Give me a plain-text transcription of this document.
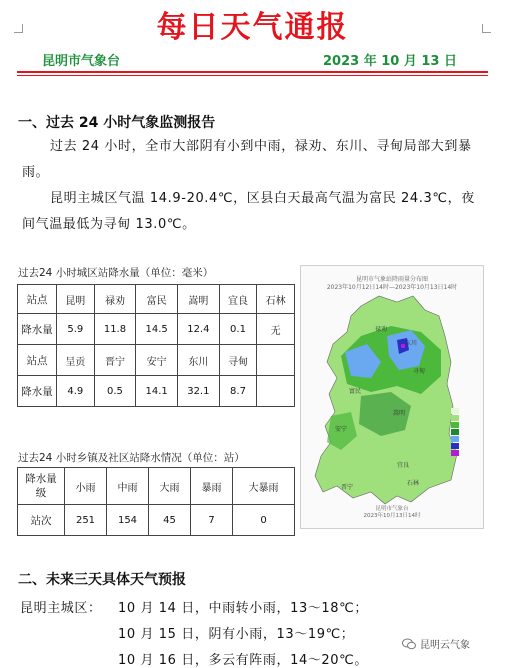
每日天气通报
昆明市气象台	2023 年 10 月 13 日
一、过去 24 小时气象监测报告
过去 24 小时，全市大部阴有小到中雨，禄劝、东川、寻甸局部大到暴雨。
昆明主城区气温 14.9-20.4℃，区县白天最高气温为富民 24.3℃，夜间气温最低为寻甸 13.0℃。
过去24 小时城区站降水量（单位：毫米）
站点	昆明	禄劝	富民	嵩明	宜良	石林
降水量	5.9	11.8	14.5	12.4	0.1	无
站点	呈贡	晋宁	安宁	东川	寻甸	
降水量	4.9	0.5	14.1	32.1	8.7	
过去24 小时乡镇及社区站降水情况（单位：站）
降水量级	小雨	中雨	大雨	暴雨	大暴雨
站次	251	154	45	7	0
昆明市气象站降雨量分布图
2023年10月12日14时—2023年10月13日14时
禄劝
东川
寻甸
富民
嵩明
安宁
宜良
晋宁
石林
昆明市气象台
2023年10月13日14时
二、未来三天具体天气预报
昆明主城区： 10 月 14 日，中雨转小雨，13～18℃；
10 月 15 日，阴有小雨，13～19℃；
10 月 16 日，多云有阵雨，14～20℃。
昆明云气象
